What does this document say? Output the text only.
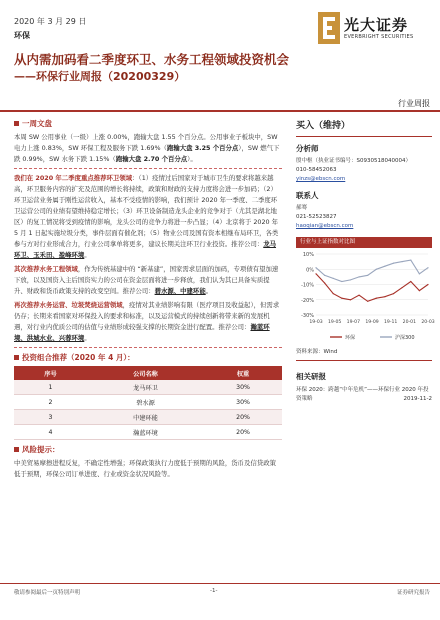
2020 年 3 月 29 日
环保
光大证券
EVERBRIGHT SECURITIES
从内需加码看二季度环卫、水务工程领域投资机会
——环保行业周报（20200329）
行业周报
一周文盘
本周 SW 公用事业（一级）上涨 0.00%，跑输大盘 1.55 个百分点。公用事业子板块中，SW 电力上涨 0.83%，SW 环保工程及服务下跌 1.69%（跑输大盘 3.25 个百分点），SW 燃气下跌 0.99%，SW 水务下跌 1.15%（跑输大盘 2.70 个百分点）。
我们在 2020 年二季度重点推荐环卫领域：（1）疫情过后国家对于城市卫生的要求将越来越高，环卫服务内容的扩充及范围的增长将持续，政策和财政的支持力度将会进一步加码；（2）环卫运营业务属于刚性运营收入，基本不受疫情的影响，我们预计 2020 年一季度、二季度环卫运营公司的业绩有望维持稳定增长；（3）环卫设备制造龙头企业的竞争对于（尤其是湖北地区）的复工情况将受到疫情的影响，龙头公司的竞争力将进一步凸显；（4）北京将于 2020 年 5 月 1 日起实施垃圾分类，事件层面有催化剂；（5）物业公司及国有资本相继布局环卫，各类参与方对行业形成合力，行业公司拿单将更多，建议长期关注环卫行业投资。推荐公司：龙马环卫、玉禾田、盈峰环境。
其次推荐水务工程领域，作为传统基建中的 “新基建”，国家需求层面的加码，专项债有望加速下放，以及国资入主后国资实力的公司在资金层面将进一步释放，我们认为其已具备实质提升、财政和货币政策支持的改变空间。推荐公司：碧水源、中建环能。
再次推荐水务运营、垃圾焚烧运营领域，疫情对其业绩影响有限（医疗项目及收益起），但需求仍存；长期来看国家对环保投入的要求和标准，以及运营模式的持续创新将带来新的发展机遇，对行业内优质公司的估值与业绩形成较强支撑的长期资金进行配置。推荐公司：瀚蓝环境、洪城水业、兴蓉环境。
投资组合推荐（2020 年 4 月）：
序号	公司名称	权重
1	龙马环卫	30%
2	碧水源	30%
3	中建环能	20%
4	瀚蓝环境	20%
风险提示：
中美贸易摩擦进程反复，不确定性增强；环保政策执行力度低于预期的风险，货币及信贷政策低于预期，环保公司订单进度、行业或资金状况风险等。
买入（维持）
分析师
殷中枢（执业证书编号：S0930518040004）
010-58452063
yinzs@ebscn.com
联系人
郝骞
021-52523827
haoqian@ebscn.com
行业与上证指数对比图
10%
0%
-10%
-20%
-30%
19-03 19-05 19-07 19-09 19-11 20-01 20-03
环保	沪深300
资料来源：Wind
相关研报
环保 2020：跨越“中年危机”——环保行业 2020 年投资策略	2019-11-2
敬请参阅最后一页特别声明	-1-	证券研究报告
